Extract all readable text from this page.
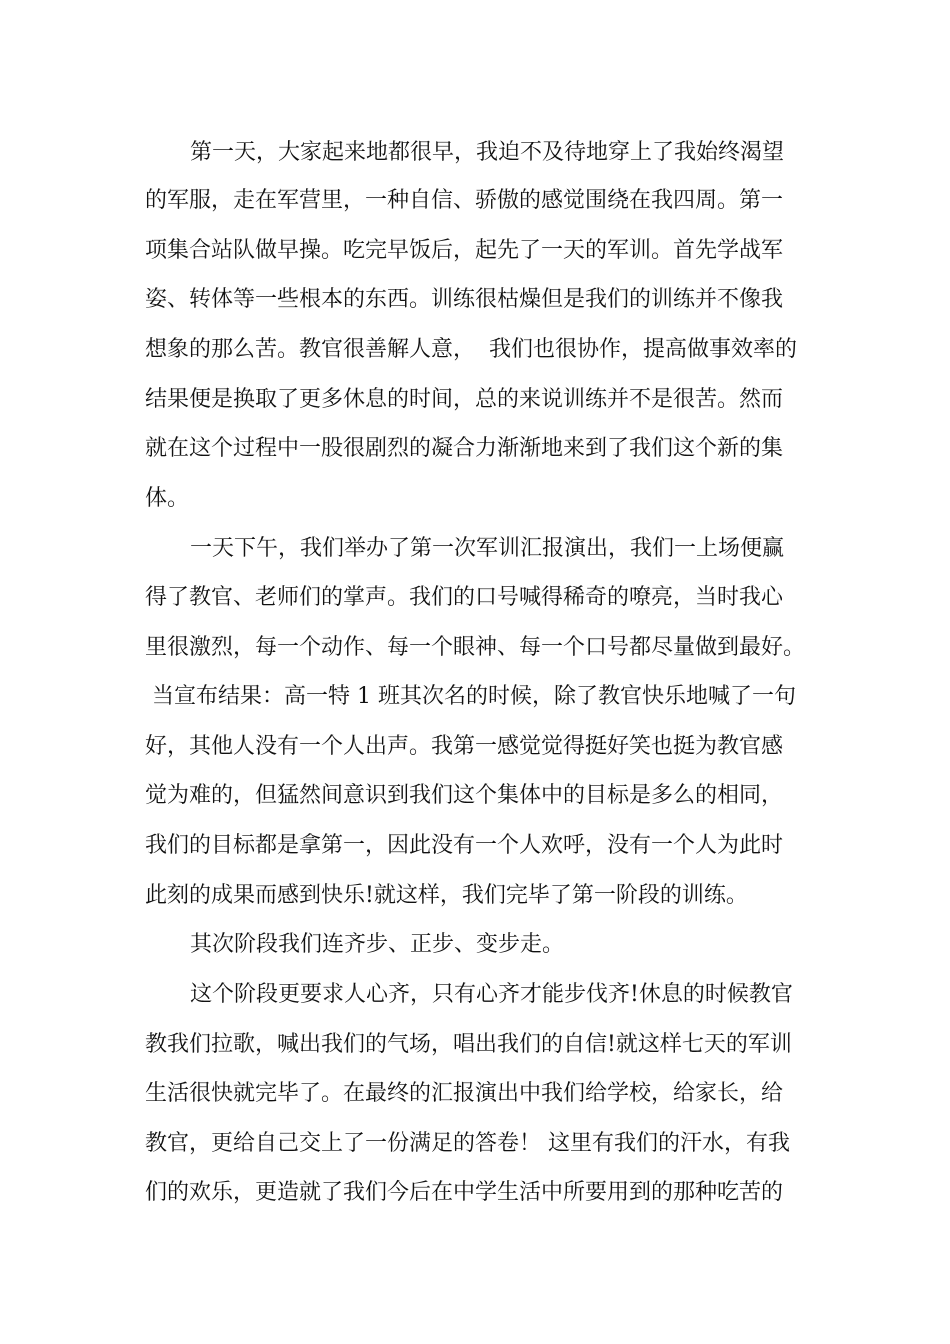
第一天，大家起来地都很早，我迫不及待地穿上了我始终渴望
的军服，走在军营里，一种自信、骄傲的感觉围绕在我四周。第一
项集合站队做早操。吃完早饭后，起先了一天的军训。首先学战军
姿、转体等一些根本的东西。训练很枯燥但是我们的训练并不像我
想象的那么苦。教官很善解人意，  我们也很协作，提高做事效率的
结果便是换取了更多休息的时间，总的来说训练并不是很苦。然而
就在这个过程中一股很剧烈的凝合力渐渐地来到了我们这个新的集
体。
一天下午，我们举办了第一次军训汇报演出，我们一上场便赢
得了教官、老师们的掌声。我们的口号喊得稀奇的嘹亮，当时我心
里很激烈，每一个动作、每一个眼神、每一个口号都尽量做到最好。
当宣布结果：高一特 1 班其次名的时候，除了教官快乐地喊了一句
好，其他人没有一个人出声。我第一感觉觉得挺好笑也挺为教官感
觉为难的，但猛然间意识到我们这个集体中的目标是多么的相同，
我们的目标都是拿第一，因此没有一个人欢呼，没有一个人为此时
此刻的成果而感到快乐!就这样，我们完毕了第一阶段的训练。
其次阶段我们连齐步、正步、变步走。
这个阶段更要求人心齐，只有心齐才能步伐齐!休息的时候教官
教我们拉歌，喊出我们的气场，唱出我们的自信!就这样七天的军训
生活很快就完毕了。在最终的汇报演出中我们给学校，给家长，给
教官，更给自己交上了一份满足的答卷！ 这里有我们的汗水，有我
们的欢乐，更造就了我们今后在中学生活中所要用到的那种吃苦的
